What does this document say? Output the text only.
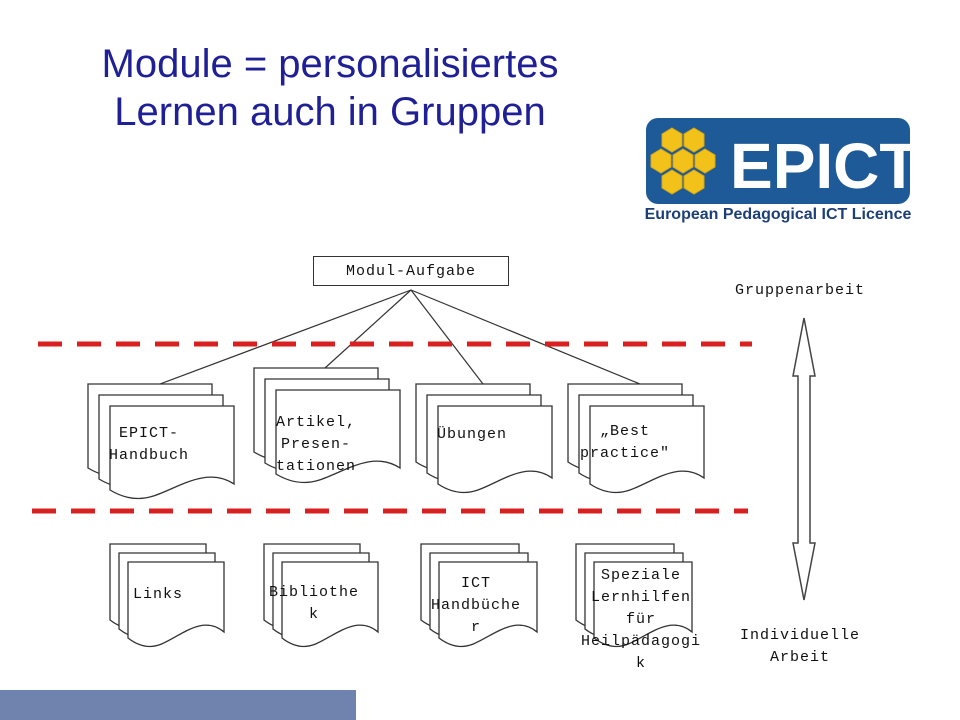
Module = personalisiertes
Lernen auch in Gruppen
EPICT
European Pedagogical ICT Licence
Modul-Aufgabe
EPICT-
Handbuch
Artikel,
Presen-
tationen
Übungen	„Best
practice"
Links	Bibliothe
k
ICT
Handbüche
r
Speziale
Lernhilfen
für
Heilpädagogi
k
Gruppenarbeit
Individuelle
Arbeit
